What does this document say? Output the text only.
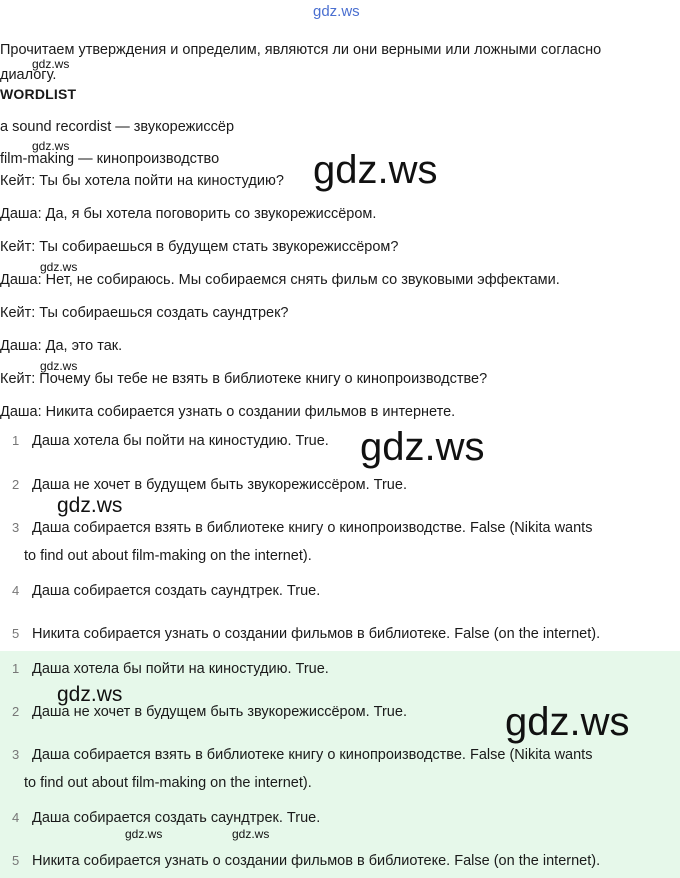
gdz.ws
Прочитаем утверждения и определим, являются ли они верными или ложными согласно диалогу.
WORDLIST
a sound recordist — звукорежиссёр
film-making — кинопроизводство
Кейт: Ты бы хотела пойти на киностудию?
Даша: Да, я бы хотела поговорить со звукорежиссёром.
Кейт: Ты собираешься в будущем стать звукорежиссёром?
Даша: Нет, не собираюсь. Мы собираемся снять фильм со звуковыми эффектами.
Кейт: Ты собираешься создать саундтрек?
Даша: Да, это так.
Кейт: Почему бы тебе не взять в библиотеке книгу о кинопроизводстве?
Даша: Никита собирается узнать о создании фильмов в интернете.
1 Даша хотела бы пойти на киностудию. True.
2 Даша не хочет в будущем быть звукорежиссёром. True.
3 Даша собирается взять в библиотеке книгу о кинопроизводстве. False (Nikita wants
to find out about film-making on the internet).
4 Даша собирается создать саундтрек. True.
5 Никита собирается узнать о создании фильмов в библиотеке. False (on the internet).
1 Даша хотела бы пойти на киностудию. True.
2 Даша не хочет в будущем быть звукорежиссёром. True.
3 Даша собирается взять в библиотеке книгу о кинопроизводстве. False (Nikita wants
to find out about film-making on the internet).
4 Даша собирается создать саундтрек. True.
5 Никита собирается узнать о создании фильмов в библиотеке. False (on the internet).
gdz.ws
gdz.ws
gdz.ws
gdz.ws
gdz.ws
gdz.ws
gdz.ws
gdz.ws
gdz.ws
gdz.ws	gdz.ws
